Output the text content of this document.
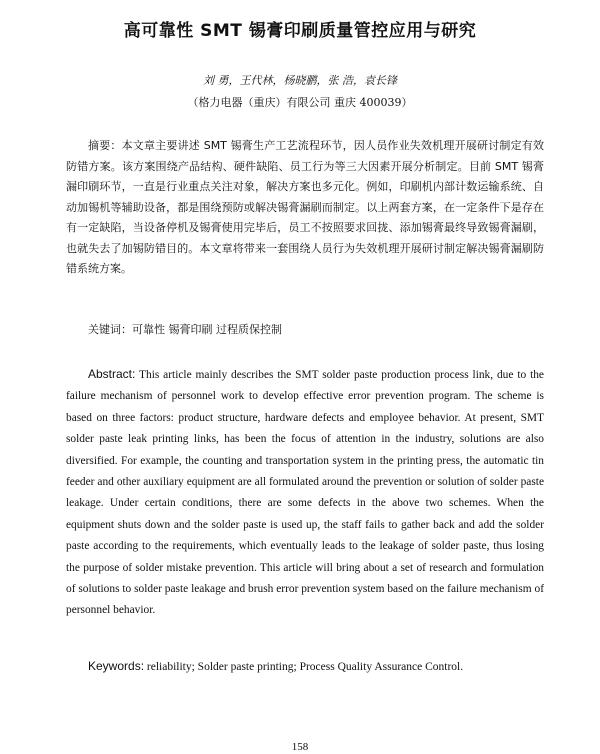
高可靠性 SMT 锡膏印刷质量管控应用与研究
刘 勇，王代林，杨晓鹏，张 浩，袁长锋
（格力电器（重庆）有限公司 重庆 400039）
摘要：本文章主要讲述 SMT 锡膏生产工艺流程环节，因人员作业失效机理开展研讨制定有效防错方案。该方案围绕产品结构、硬件缺陷、员工行为等三大因素开展分析制定。目前 SMT 锡膏漏印刷环节，一直是行业重点关注对象，解决方案也多元化。例如，印刷机内部计数运输系统、自动加锡机等辅助设备，都是围绕预防或解决锡膏漏刷而制定。以上两套方案，在一定条件下是存在有一定缺陷，当设备停机及锡膏使用完毕后，员工不按照要求回拢、添加锡膏最终导致锡膏漏刷，也就失去了加锡防错目的。本文章将带来一套围绕人员行为失效机理开展研讨制定解决锡膏漏刷防错系统方案。
关键词：可靠性 锡膏印刷 过程质保控制
Abstract: This article mainly describes the SMT solder paste production process link, due to the failure mechanism of personnel work to develop effective error prevention program. The scheme is based on three factors: product structure, hardware defects and employee behavior. At present, SMT solder paste leak printing links, has been the focus of attention in the industry, solutions are also diversified. For example, the counting and transportation system in the printing press, the automatic tin feeder and other auxiliary equipment are all formulated around the prevention or solution of solder paste leakage. Under certain conditions, there are some defects in the above two schemes. When the equipment shuts down and the solder paste is used up, the staff fails to gather back and add the solder paste according to the requirements, which eventually leads to the leakage of solder paste, thus losing the purpose of solder mistake prevention. This article will bring about a set of research and formulation of solutions to solder paste leakage and brush error prevention system based on the failure mechanism of personnel behavior.
Keywords: reliability; Solder paste printing; Process Quality Assurance Control.
158
